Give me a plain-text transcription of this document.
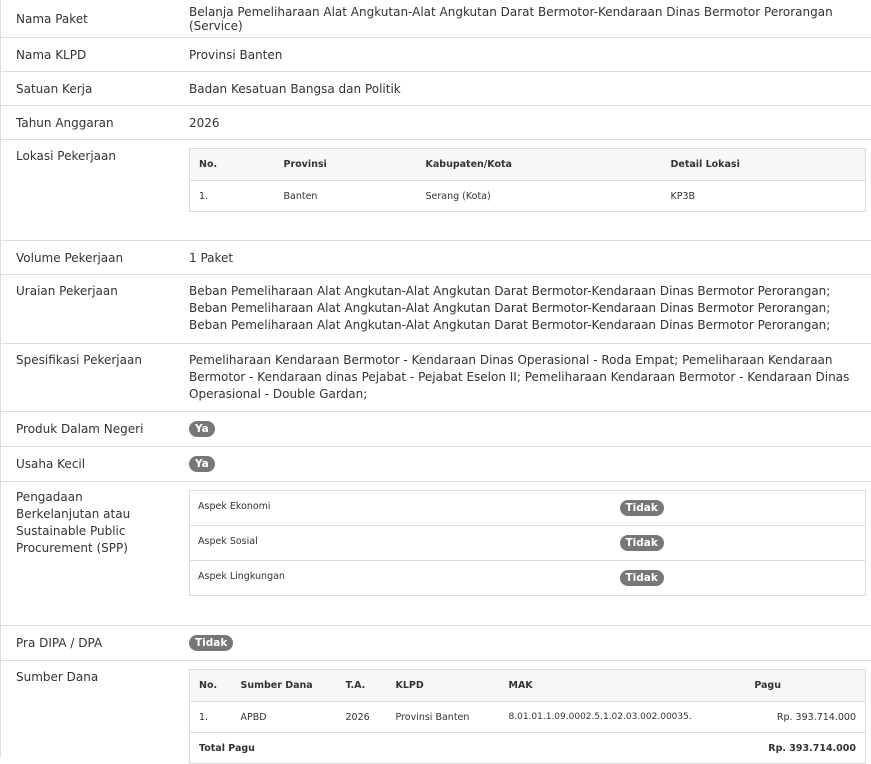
Nama Paket	Belanja Pemeliharaan Alat Angkutan-Alat Angkutan Darat Bermotor-Kendaraan Dinas Bermotor Perorangan (Service)
Nama KLPD	Provinsi Banten
Satuan Kerja	Badan Kesatuan Bangsa dan Politik
Tahun Anggaran	2026
Lokasi Pekerjaan
No.	Provinsi	Kabupaten/Kota	Detail Lokasi
1.	Banten	Serang (Kota)	KP3B
Volume Pekerjaan	1 Paket
Uraian Pekerjaan	Beban Pemeliharaan Alat Angkutan-Alat Angkutan Darat Bermotor-Kendaraan Dinas Bermotor Perorangan; Beban Pemeliharaan Alat Angkutan-Alat Angkutan Darat Bermotor-Kendaraan Dinas Bermotor Perorangan; Beban Pemeliharaan Alat Angkutan-Alat Angkutan Darat Bermotor-Kendaraan Dinas Bermotor Perorangan;
Spesifikasi Pekerjaan	Pemeliharaan Kendaraan Bermotor - Kendaraan Dinas Operasional - Roda Empat; Pemeliharaan Kendaraan Bermotor - Kendaraan dinas Pejabat - Pejabat Eselon II; Pemeliharaan Kendaraan Bermotor - Kendaraan Dinas Operasional - Double Gardan;
Produk Dalam Negeri	Ya
Usaha Kecil	Ya
Pengadaan Berkelanjutan atau Sustainable Public Procurement (SPP)
Aspek Ekonomi	Tidak
Aspek Sosial	Tidak
Aspek Lingkungan	Tidak
Pra DIPA / DPA	Tidak
Sumber Dana
No.	Sumber Dana	T.A.	KLPD	MAK	Pagu
1.	APBD	2026	Provinsi Banten	8.01.01.1.09.0002.5.1.02.03.002.00035.	Rp. 393.714.000
Total Pagu					Rp. 393.714.000
